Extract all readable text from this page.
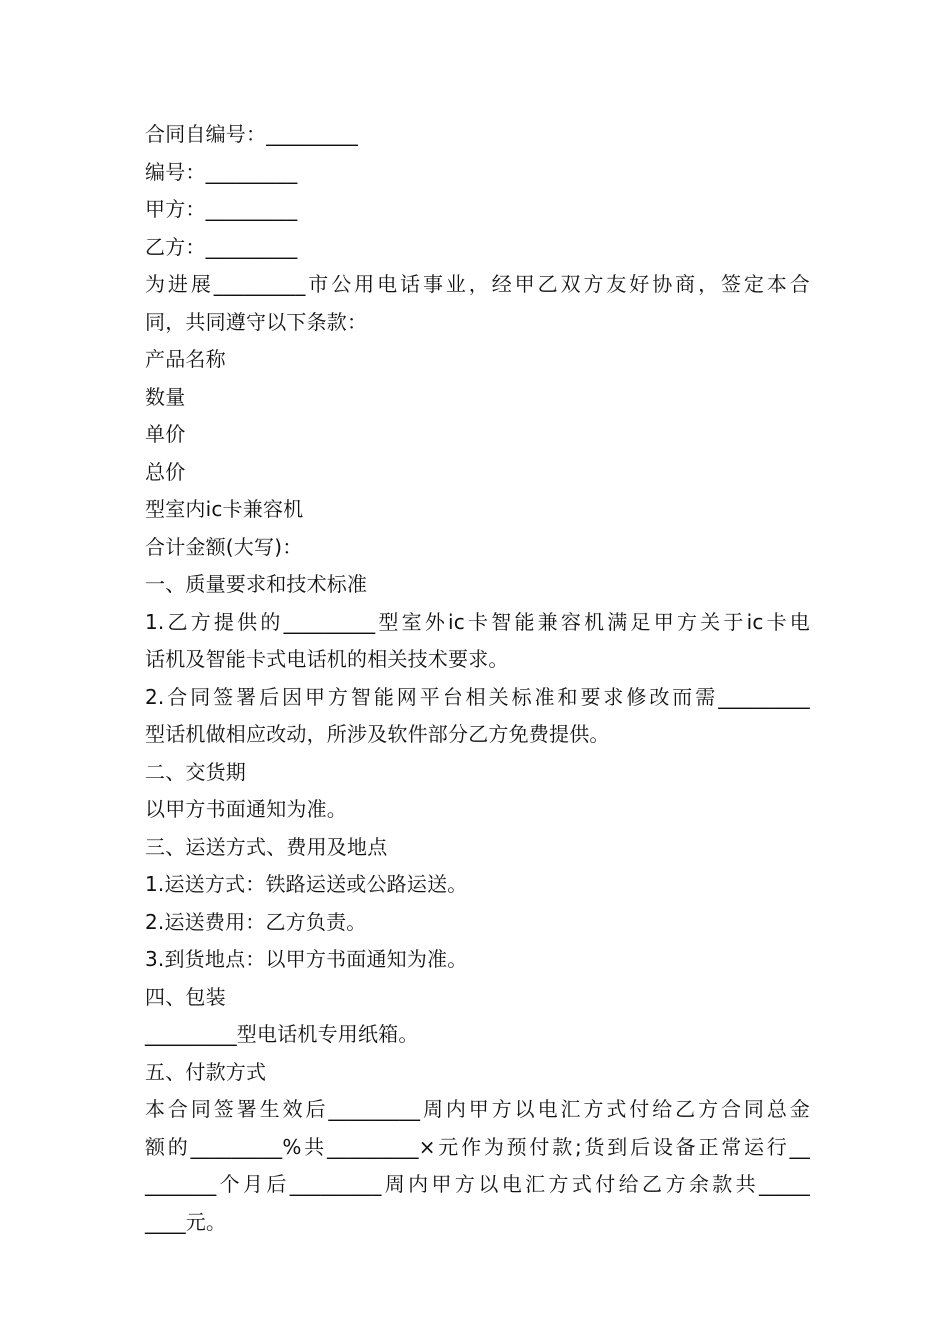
合同自编号：_________
编号：_________
甲方：_________
乙方：_________
为进展_________市公用电话事业，经甲乙双方友好协商，签定本合
同，共同遵守以下条款：
产品名称
数量
单价
总价
型室内ic卡兼容机
合计金额(大写)：
一、质量要求和技术标准
1.乙方提供的_________型室外ic卡智能兼容机满足甲方关于ic卡电
话机及智能卡式电话机的相关技术要求。
2.合同签署后因甲方智能网平台相关标准和要求修改而需_________
型话机做相应改动，所涉及软件部分乙方免费提供。
二、交货期
以甲方书面通知为准。
三、运送方式、费用及地点
1.运送方式：铁路运送或公路运送。
2.运送费用：乙方负责。
3.到货地点：以甲方书面通知为准。
四、包装
_________型电话机专用纸箱。
五、付款方式
本合同签署生效后_________周内甲方以电汇方式付给乙方合同总金
额的_________%共_________×元作为预付款;货到后设备正常运行__
_______个月后_________周内甲方以电汇方式付给乙方余款共_____
____元。
